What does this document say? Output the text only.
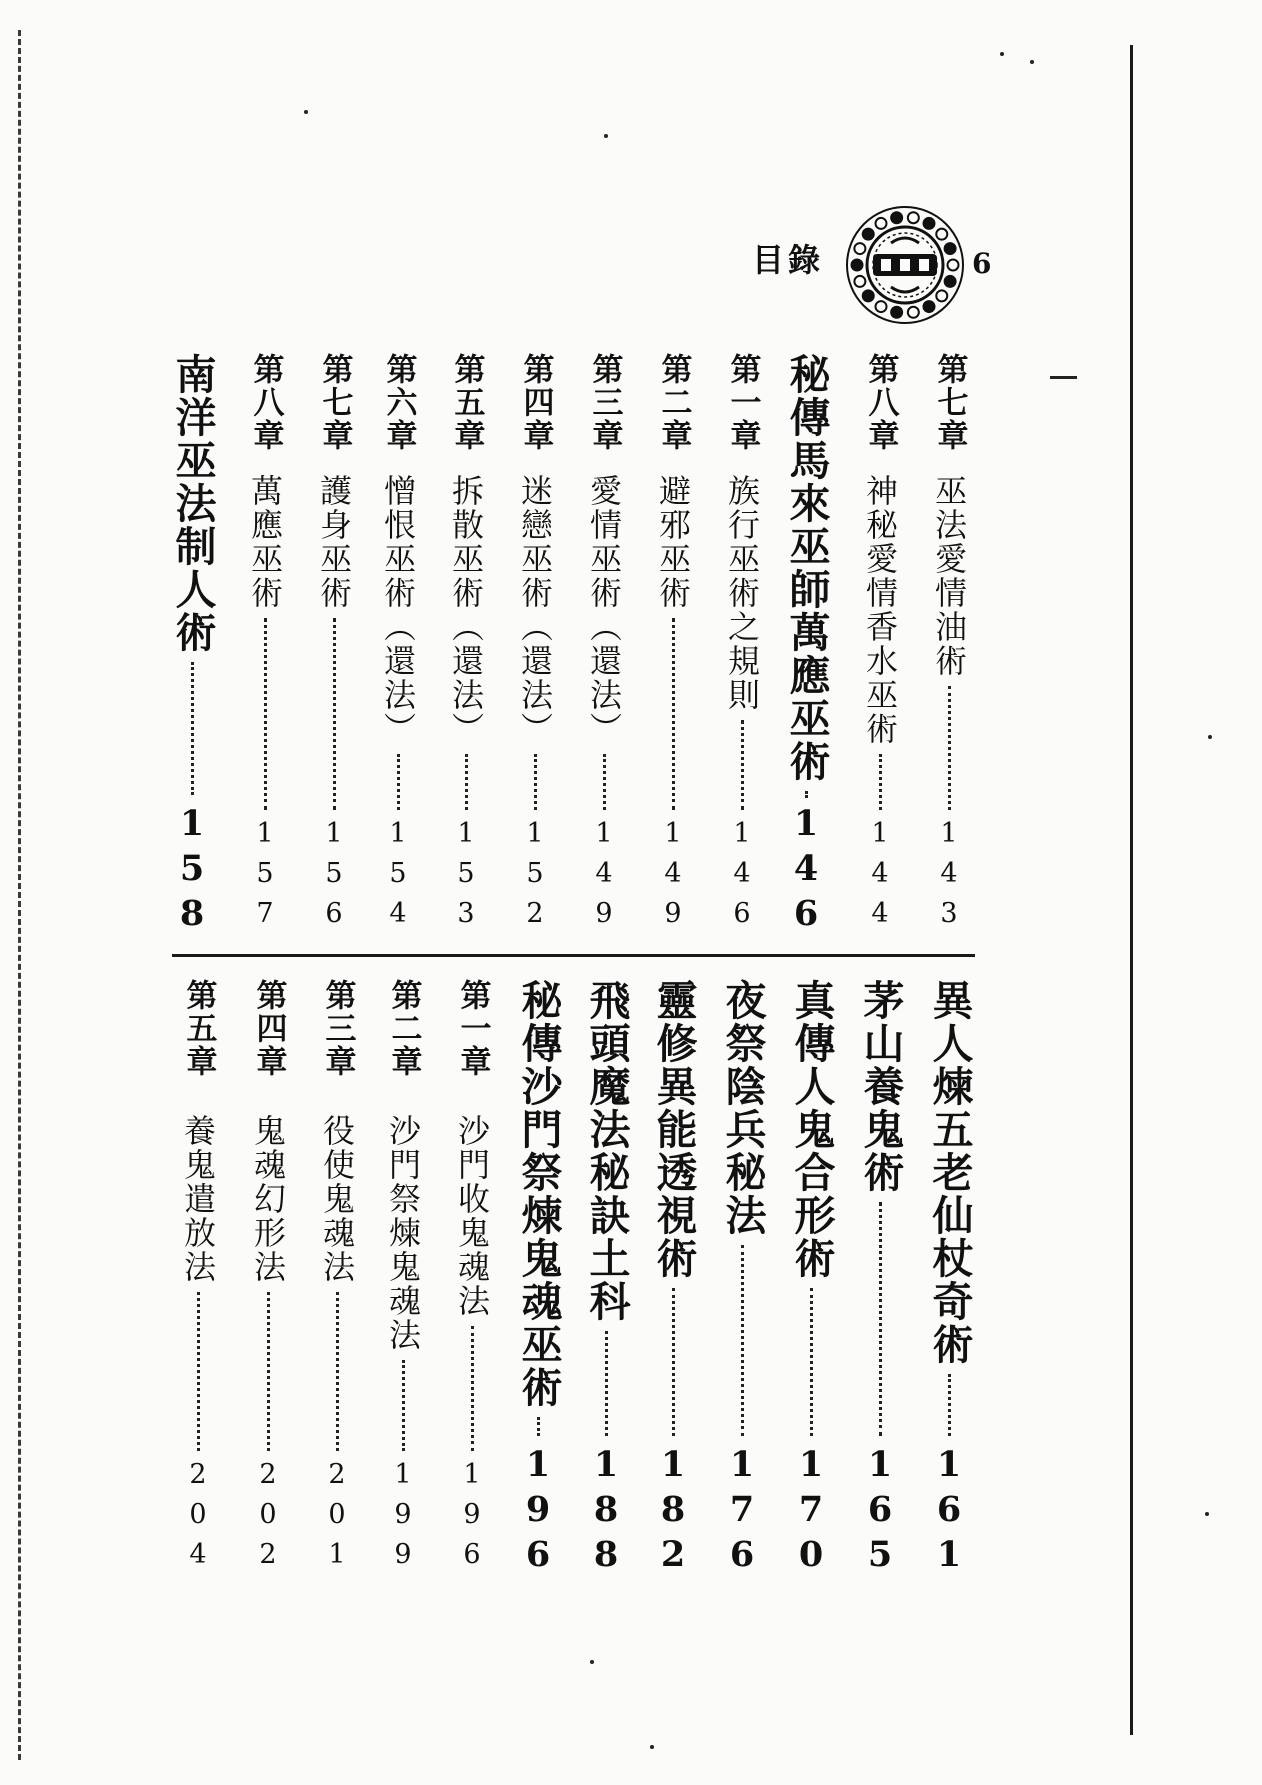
目錄	6
第七章
巫法愛情油術
143
第八章
神秘愛情香水巫術
144
秘傳馬來巫師萬應巫術
146
第一章
族行巫術之規則
146
第二章
避邪巫術
149
第三章
愛情巫術（還法）
149
第四章
迷戀巫術（還法）
152
第五章
拆散巫術（還法）
153
第六章
憎恨巫術（還法）
154
第七章
護身巫術
156
第八章
萬應巫術
157
南洋巫法制人術
158
異人煉五老仙杖奇術
161
茅山養鬼術
165
真傳人鬼合形術
170
夜祭陰兵秘法
176
靈修異能透視術
182
飛頭魔法秘訣土科
188
秘傳沙門祭煉鬼魂巫術
196
第一章
沙門收鬼魂法
196
第二章
沙門祭煉鬼魂法
199
第三章
役使鬼魂法
201
第四章
鬼魂幻形法
202
第五章
養鬼遣放法
204
